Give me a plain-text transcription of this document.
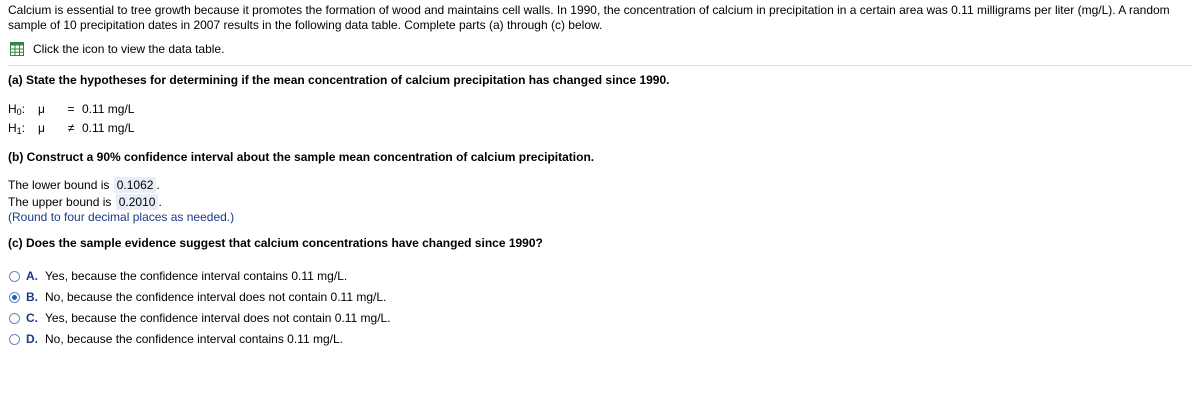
Calcium is essential to tree growth because it promotes the formation of wood and maintains cell walls. In 1990, the concentration of calcium in precipitation in a certain area was 0.11 milligrams per liter (mg/L). A random sample of 10 precipitation dates in 2007 results in the following data table. Complete parts (a) through (c) below.

Click the icon to view the data table.
(a) State the hypotheses for determining if the mean concentration of calcium precipitation has changed since 1990.
$H_0$:	μ	= 0.11 mg/L
$H_1$:	μ	≠ 0.11 mg/L
(b) Construct a 90% confidence interval about the sample mean concentration of calcium precipitation.
The lower bound is 0.1062 .
The upper bound is 0.2010 .
(Round to four decimal places as needed.)
(c) Does the sample evidence suggest that calcium concentrations have changed since 1990?
A. Yes, because the confidence interval contains 0.11 mg/L.
B. No, because the confidence interval does not contain 0.11 mg/L.
C. Yes, because the confidence interval does not contain 0.11 mg/L.
D. No, because the confidence interval contains 0.11 mg/L.
